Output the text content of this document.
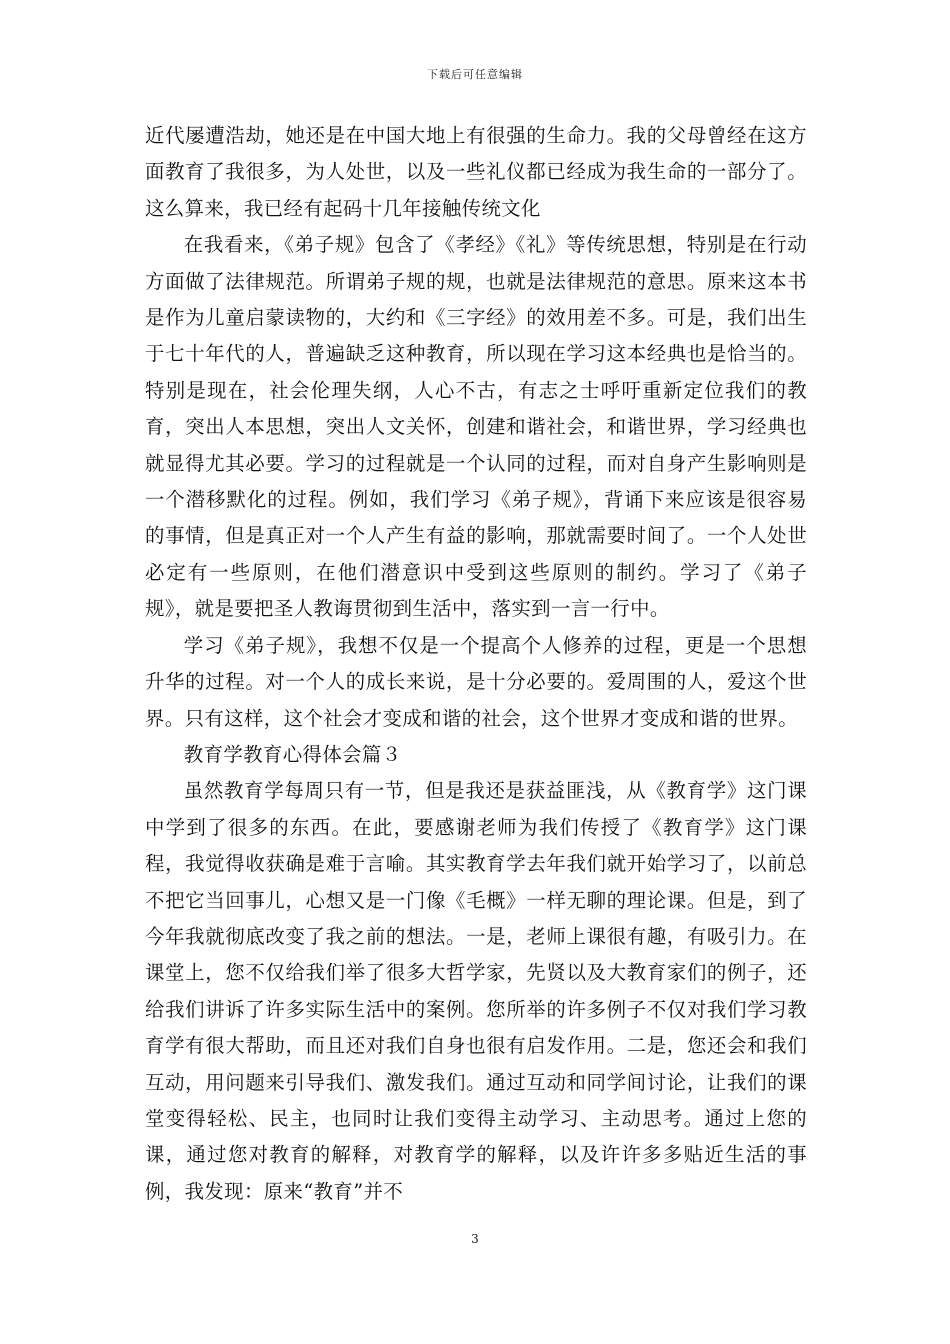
下载后可任意编辑

近代屡遭浩劫，她还是在中国大地上有很强的生命力。我的父母曾经在这方面教育了我很多，为人处世，以及一些礼仪都已经成为我生命的一部分了。这么算来，我已经有起码十几年接触传统文化

在我看来，《弟子规》包含了《孝经》《礼》等传统思想，特别是在行动方面做了法律规范。所谓弟子规的规，也就是法律规范的意思。原来这本书是作为儿童启蒙读物的，大约和《三字经》的效用差不多。可是，我们出生于七十年代的人，普遍缺乏这种教育，所以现在学习这本经典也是恰当的。特别是现在，社会伦理失纲，人心不古，有志之士呼吁重新定位我们的教育，突出人本思想，突出人文关怀，创建和谐社会，和谐世界，学习经典也就显得尤其必要。学习的过程就是一个认同的过程，而对自身产生影响则是一个潜移默化的过程。例如，我们学习《弟子规》，背诵下来应该是很容易的事情，但是真正对一个人产生有益的影响，那就需要时间了。一个人处世必定有一些原则，在他们潜意识中受到这些原则的制约。学习了《弟子规》，就是要把圣人教诲贯彻到生活中，落实到一言一行中。

学习《弟子规》，我想不仅是一个提高个人修养的过程，更是一个思想升华的过程。对一个人的成长来说，是十分必要的。爱周围的人，爱这个世界。只有这样，这个社会才变成和谐的社会，这个世界才变成和谐的世界。

教育学教育心得体会篇３

虽然教育学每周只有一节，但是我还是获益匪浅，从《教育学》这门课中学到了很多的东西。在此，要感谢老师为我们传授了《教育学》这门课程，我觉得收获确是难于言喻。其实教育学去年我们就开始学习了，以前总不把它当回事儿，心想又是一门像《毛概》一样无聊的理论课。但是，到了今年我就彻底改变了我之前的想法。一是，老师上课很有趣，有吸引力。在课堂上，您不仅给我们举了很多大哲学家，先贤以及大教育家们的例子，还给我们讲诉了许多实际生活中的案例。您所举的许多例子不仅对我们学习教育学有很大帮助，而且还对我们自身也很有启发作用。二是，您还会和我们互动，用问题来引导我们、激发我们。通过互动和同学间讨论，让我们的课堂变得轻松、民主，也同时让我们变得主动学习、主动思考。通过上您的课，通过您对教育的解释，对教育学的解释，以及许许多多贴近生活的事例，我发现：原来“教育”并不

3
